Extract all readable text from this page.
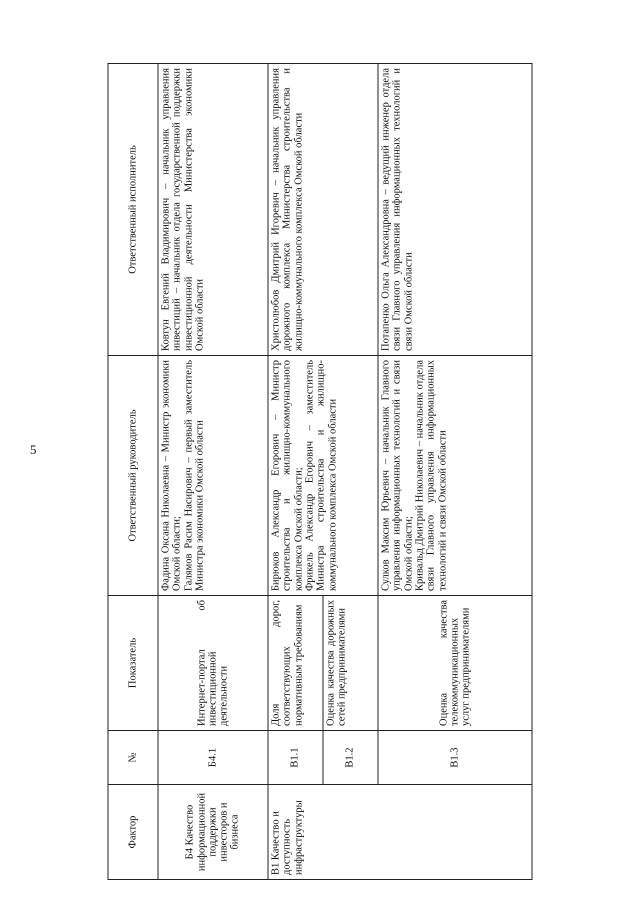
5
Фактор	№	Показатель	Ответственный руководитель	Ответственный исполнитель
Б4 Качество информационной поддержки инвесторов и бизнеса	Б4.1	Интернет-портал об инвестиционной деятельности	Фадина Оксана Николаевна – Министр экономики Омской области; Галямов Расим Насирович – первый заместитель Министра экономики Омской области	Ковтун Евгений Владимирович – начальник управления инвестиций – начальник отдела государственной поддержки инвестиционной деятельности Министерства экономики Омской области
В1 Качество и доступность инфраструктуры	В1.1	Доля дорог, соответствующих нормативным требованиям	Бирюков Александр Егорович – Министр строительства и жилищно-коммунального комплекса Омской области; Фрикель Александр Егорович – заместитель Министра строительства и жилищно-коммунального комплекса Омской области	Христолюбов Дмитрий Игоревич – начальник управления дорожного комплекса Министерства строительства и жилищно-коммунального комплекса Омской области
	В1.2	Оценка качества дорожных сетей предпринимателями		
	В1.3	Оценка качества телекоммуникационных услуг предпринимателями	Сулков Максим Юрьевич – начальник Главного управления информационных технологий и связи Омской области; Кривальд Дмитрий Николаевич – начальник отдела связи Главного управления информационных технологий и связи Омской области	Потапенко Ольга Александровна – ведущий инженер отдела связи Главного управления информационных технологий и связи Омской области
